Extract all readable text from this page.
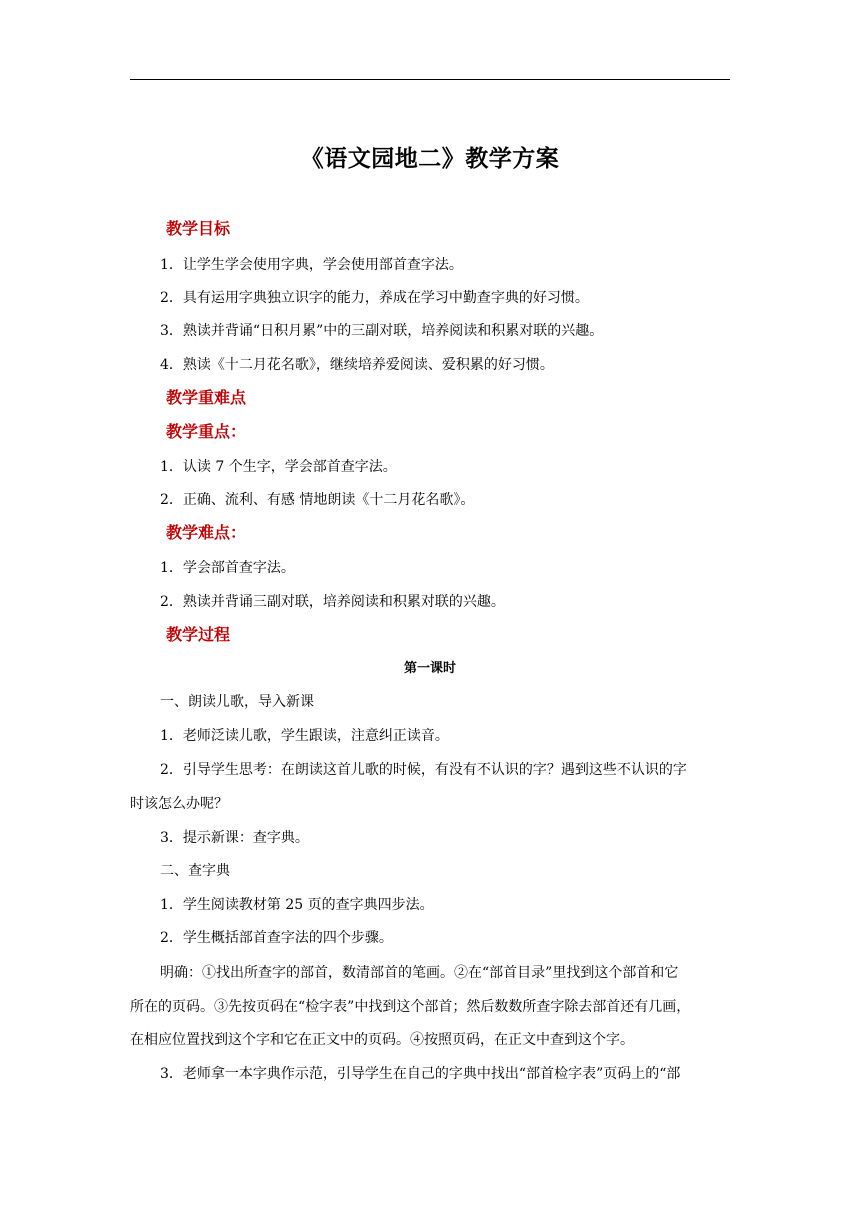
《语文园地二》教学方案
教学目标
1．让学生学会使用字典，学会使用部首查字法。
2．具有运用字典独立识字的能力，养成在学习中勤查字典的好习惯。
3．熟读并背诵“日积月累”中的三副对联，培养阅读和积累对联的兴趣。
4．熟读《十二月花名歌》，继续培养爱阅读、爱积累的好习惯。
教学重难点
教学重点：
1．认读 7 个生字，学会部首查字法。
2．正确、流利、有感 情地朗读《十二月花名歌》。
教学难点：
1．学会部首查字法。
2．熟读并背诵三副对联，培养阅读和积累对联的兴趣。
教学过程
第一课时
一、朗读儿歌，导入新课
1．老师泛读儿歌，学生跟读，注意纠正读音。
2．引导学生思考：在朗读这首儿歌的时候，有没有不认识的字？遇到这些不认识的字
时该怎么办呢？
3．提示新课：查字典。
二、查字典
1．学生阅读教材第 25 页的查字典四步法。
2．学生概括部首查字法的四个步骤。
明确：①找出所查字的部首，数清部首的笔画。②在“部首目录”里找到这个部首和它
所在的页码。③先按页码在“检字表”中找到这个部首；然后数数所查字除去部首还有几画，
在相应位置找到这个字和它在正文中的页码。④按照页码，在正文中查到这个字。
3．老师拿一本字典作示范，引导学生在自己的字典中找出“部首检字表”页码上的“部
